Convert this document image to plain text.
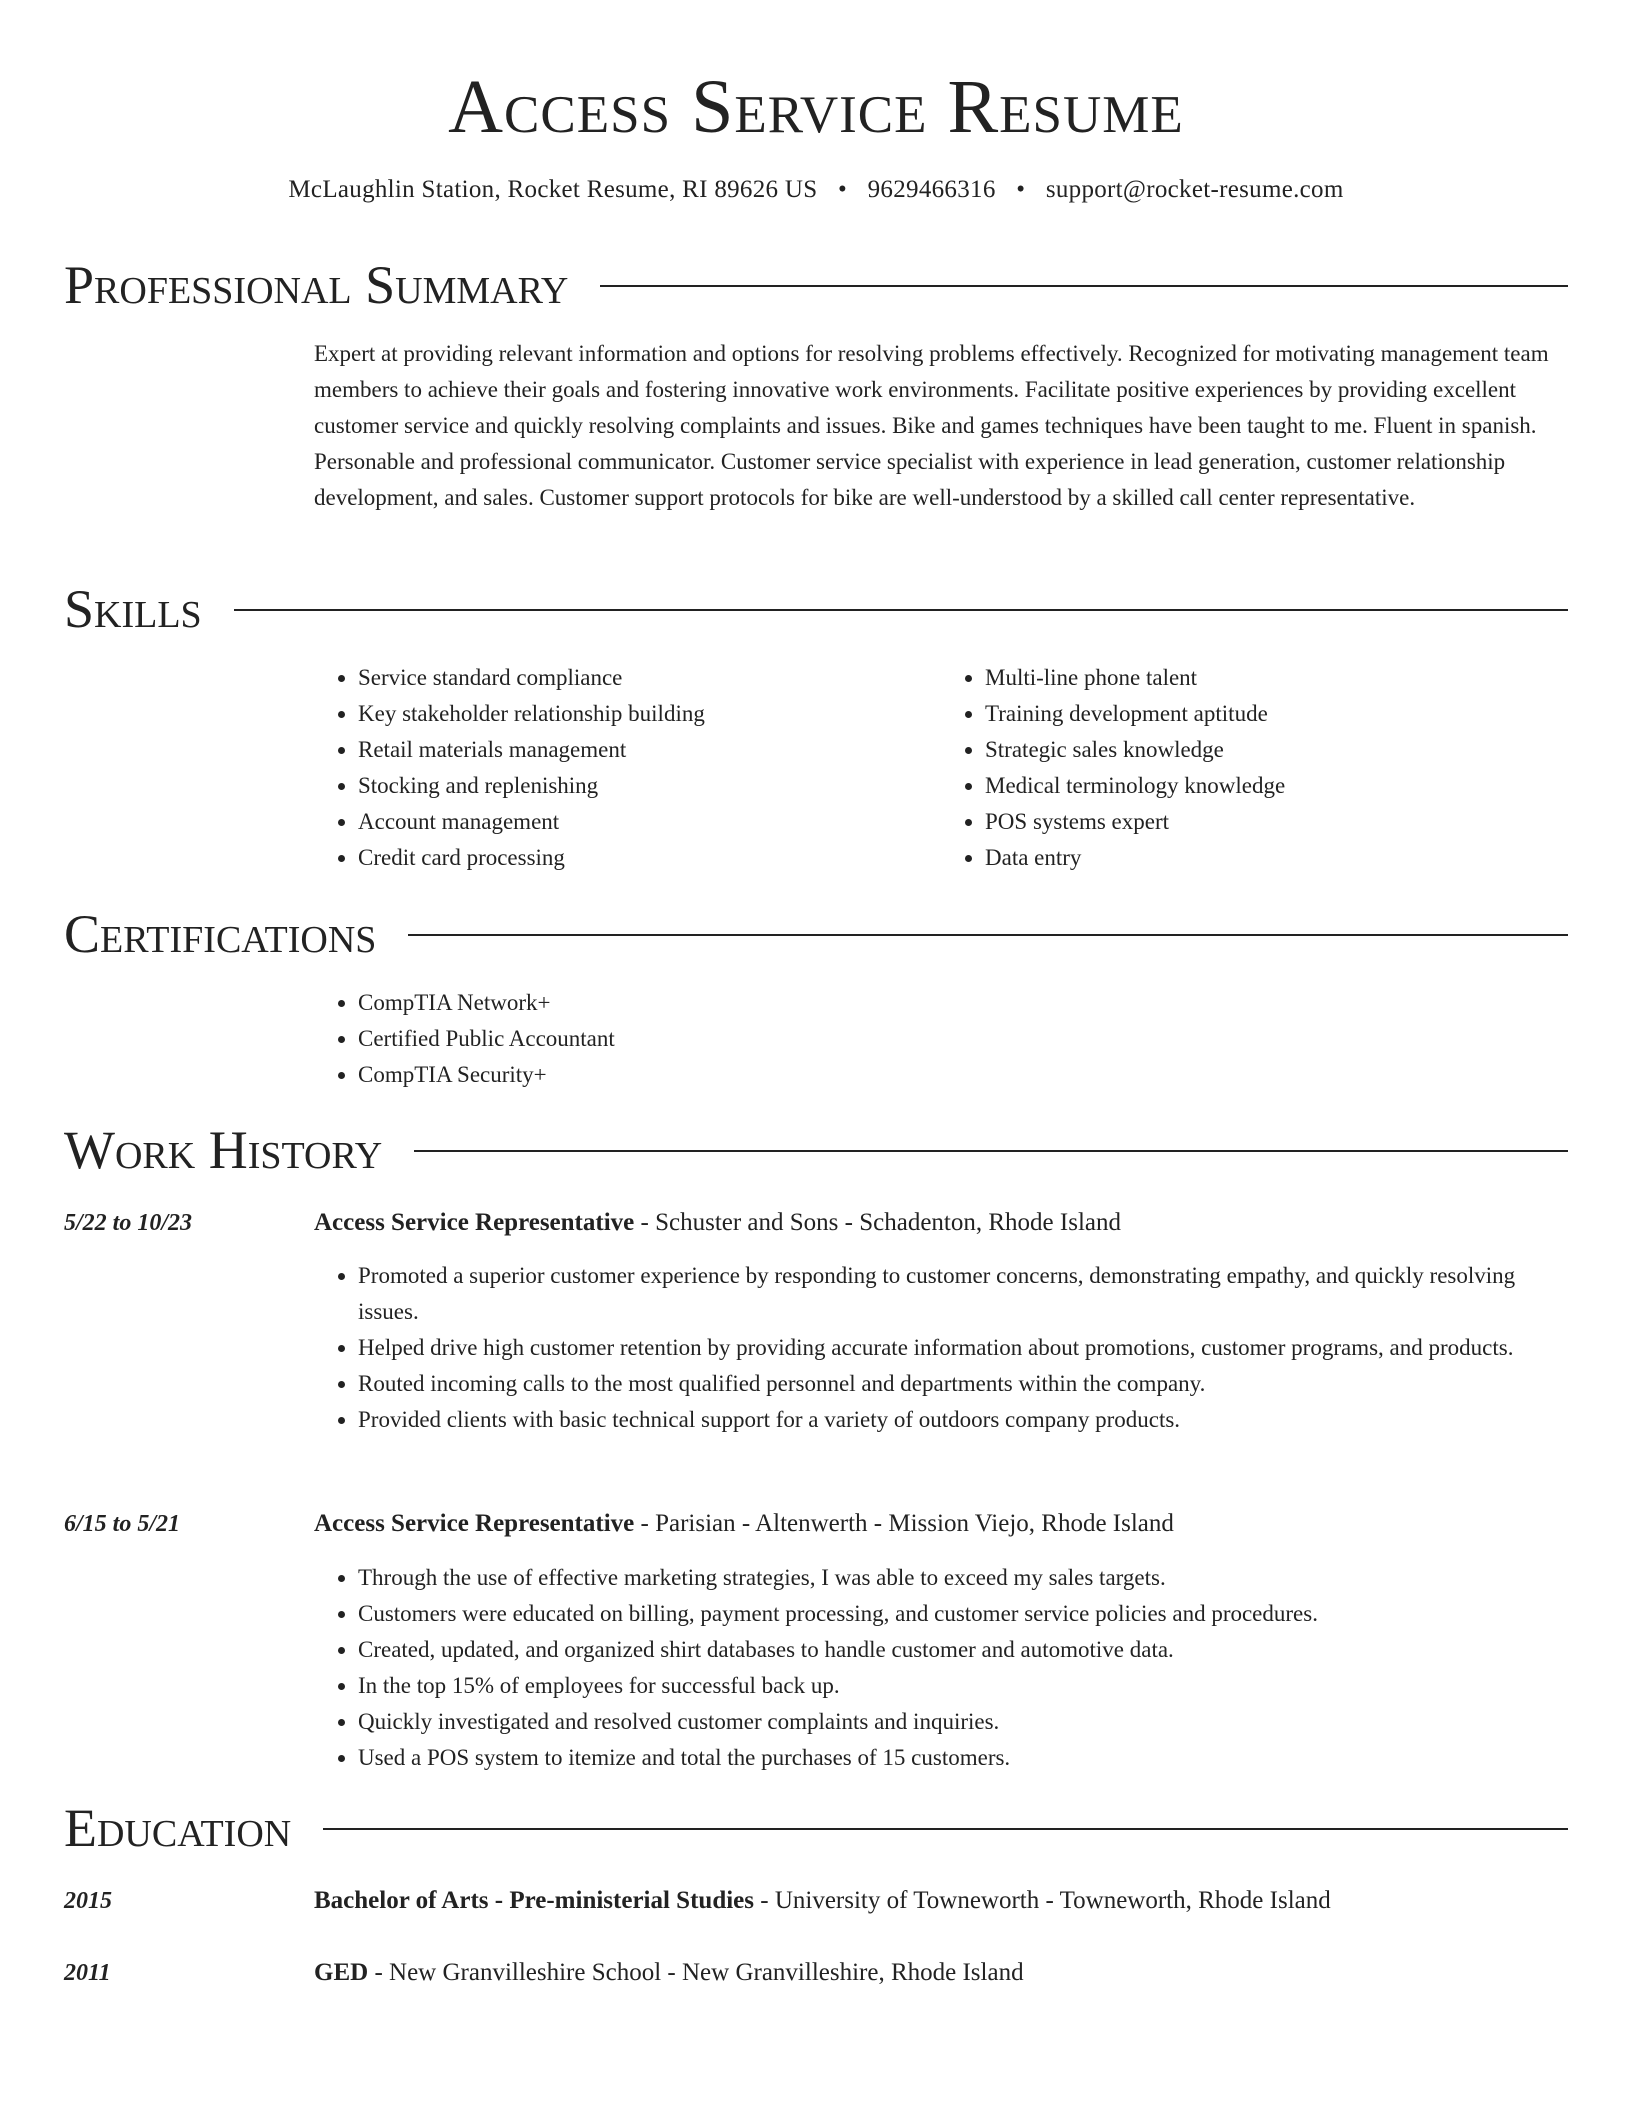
Access Service Resume
McLaughlin Station, Rocket Resume, RI 89626 US • 9629466316 • support@rocket-resume.com
Professional Summary
Expert at providing relevant information and options for resolving problems effectively. Recognized for motivating management team members to achieve their goals and fostering innovative work environments. Facilitate positive experiences by providing excellent customer service and quickly resolving complaints and issues. Bike and games techniques have been taught to me. Fluent in spanish. Personable and professional communicator. Customer service specialist with experience in lead generation, customer relationship development, and sales. Customer support protocols for bike are well-understood by a skilled call center representative.
Skills
• Service standard compliance
• Key stakeholder relationship building
• Retail materials management
• Stocking and replenishing
• Account management
• Credit card processing
• Multi-line phone talent
• Training development aptitude
• Strategic sales knowledge
• Medical terminology knowledge
• POS systems expert
• Data entry
Certifications
• CompTIA Network+
• Certified Public Accountant
• CompTIA Security+
Work History
5/22 to 10/23	Access Service Representative - Schuster and Sons - Schadenton, Rhode Island
• Promoted a superior customer experience by responding to customer concerns, demonstrating empathy, and quickly resolving issues.
• Helped drive high customer retention by providing accurate information about promotions, customer programs, and products.
• Routed incoming calls to the most qualified personnel and departments within the company.
• Provided clients with basic technical support for a variety of outdoors company products.
6/15 to 5/21	Access Service Representative - Parisian - Altenwerth - Mission Viejo, Rhode Island
• Through the use of effective marketing strategies, I was able to exceed my sales targets.
• Customers were educated on billing, payment processing, and customer service policies and procedures.
• Created, updated, and organized shirt databases to handle customer and automotive data.
• In the top 15% of employees for successful back up.
• Quickly investigated and resolved customer complaints and inquiries.
• Used a POS system to itemize and total the purchases of 15 customers.
Education
2015	Bachelor of Arts - Pre-ministerial Studies - University of Towneworth - Towneworth, Rhode Island
2011	GED - New Granvilleshire School - New Granvilleshire, Rhode Island
